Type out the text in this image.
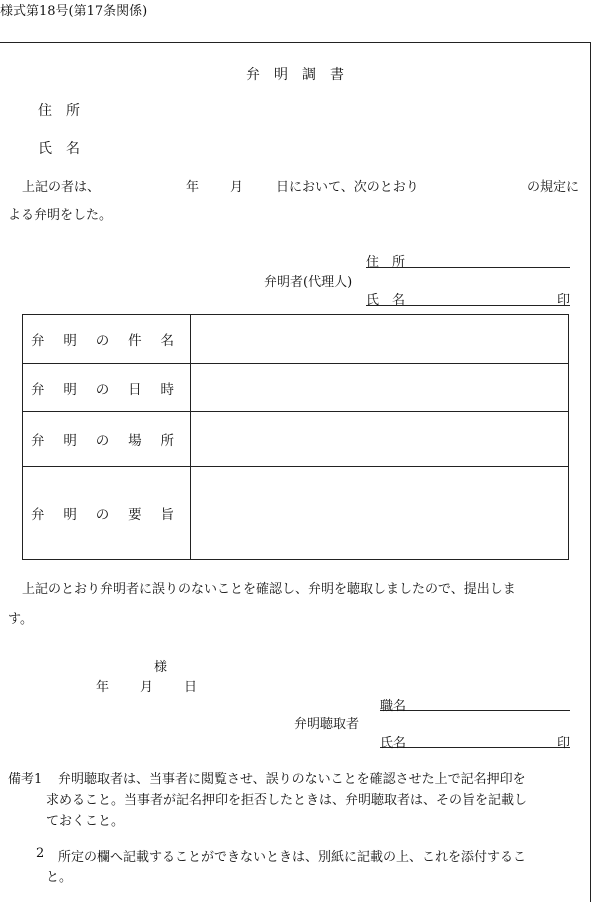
様式第18号(第17条関係)
弁　明　調　書
住　所
氏　名
上記の者は、	年 月	日において、次のとおり	の規定に
よる弁明をした。
住　所
弁明者(代理人)
氏　名	印
弁 明 の 件 名	

弁 明 の 日 時	

弁 明 の 場 所	

弁 明 の 要 旨	

上記のとおり弁明者に誤りのないことを確認し、弁明を聴取しましたので、提出しま
す。
様
年 月 日
職名
弁明聴取者
氏名	印
備考1 弁明聴取者は、当事者に閲覧させ、誤りのないことを確認させた上で記名押印を
求めること。当事者が記名押印を拒否したときは、弁明聴取者は、その旨を記載し
ておくこと。
2 所定の欄へ記載することができないときは、別紙に記載の上、これを添付するこ
と。
